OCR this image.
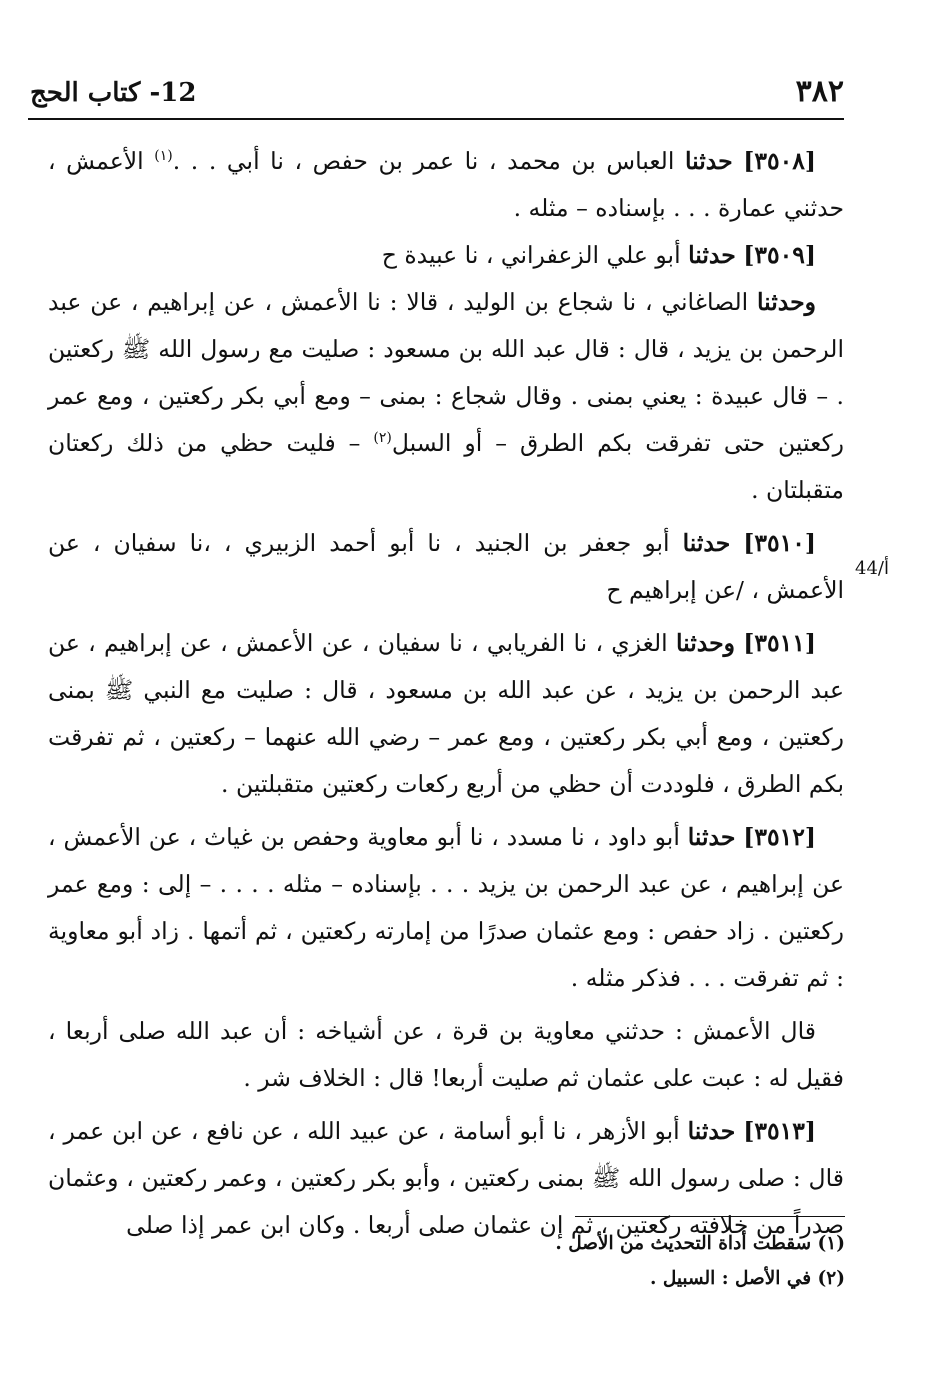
٣٨٢
12- كتاب الحج
44/أ

[٣٥٠٨] حدثنا العباس بن محمد ، نا عمر بن حفص ، نا أبي . . .$^{(١)}$ الأعمش ، حدثني عمارة . . . بإسناده – مثله .

[٣٥٠٩] حدثنا أبو علي الزعفراني ، نا عبيدة ح

وحدثنا الصاغاني ، نا شجاع بن الوليد ، قالا : نا الأعمش ، عن إبراهيم ، عن عبد الرحمن بن يزيد ، قال : قال عبد الله بن مسعود : صليت مع رسول الله ﷺ ركعتين . – قال عبيدة : يعني بمنى . وقال شجاع : بمنى – ومع أبي بكر ركعتين ، ومع عمر ركعتين حتى تفرقت بكم الطرق – أو السبل$^{(٢)}$ – فليت حظي من ذلك ركعتان متقبلتان .

[٣٥١٠] حدثنا أبو جعفر بن الجنيد ، نا أبو أحمد الزبيري ، ،نا سفيان ، عن الأعمش ، /عن إبراهيم ح

[٣٥١١] وحدثنا الغزي ، نا الفريابي ، نا سفيان ، عن الأعمش ، عن إبراهيم ، عن عبد الرحمن بن يزيد ، عن عبد الله بن مسعود ، قال : صليت مع النبي ﷺ بمنى ركعتين ، ومع أبي بكر ركعتين ، ومع عمر – رضي الله عنهما – ركعتين ، ثم تفرقت بكم الطرق ، فلوددت أن حظي من أربع ركعات ركعتين متقبلتين .

[٣٥١٢] حدثنا أبو داود ، نا مسدد ، نا أبو معاوية وحفص بن غياث ، عن الأعمش ، عن إبراهيم ، عن عبد الرحمن بن يزيد . . . بإسناده – مثله . . . . – إلى : ومع عمر ركعتين . زاد حفص : ومع عثمان صدرًا من إمارته ركعتين ، ثم أتمها . زاد أبو معاوية : ثم تفرقت . . . فذكر مثله .

قال الأعمش : حدثني معاوية بن قرة ، عن أشياخه : أن عبد الله صلى أربعا ، فقيل له : عبت على عثمان ثم صليت أربعا! قال : الخلاف شر .

[٣٥١٣] حدثنا أبو الأزهر ، نا أبو أسامة ، عن عبيد الله ، عن نافع ، عن ابن عمر ، قال : صلى رسول الله ﷺ بمنى ركعتين ، وأبو بكر ركعتين ، وعمر ركعتين ، وعثمان صدراً من خلافته ركعتين ، ثم إن عثمان صلى أربعا . وكان ابن عمر إذا صلى

(١) سقطت أداة التحديث من الأصل .

(٢) في الأصل : السبيل .
